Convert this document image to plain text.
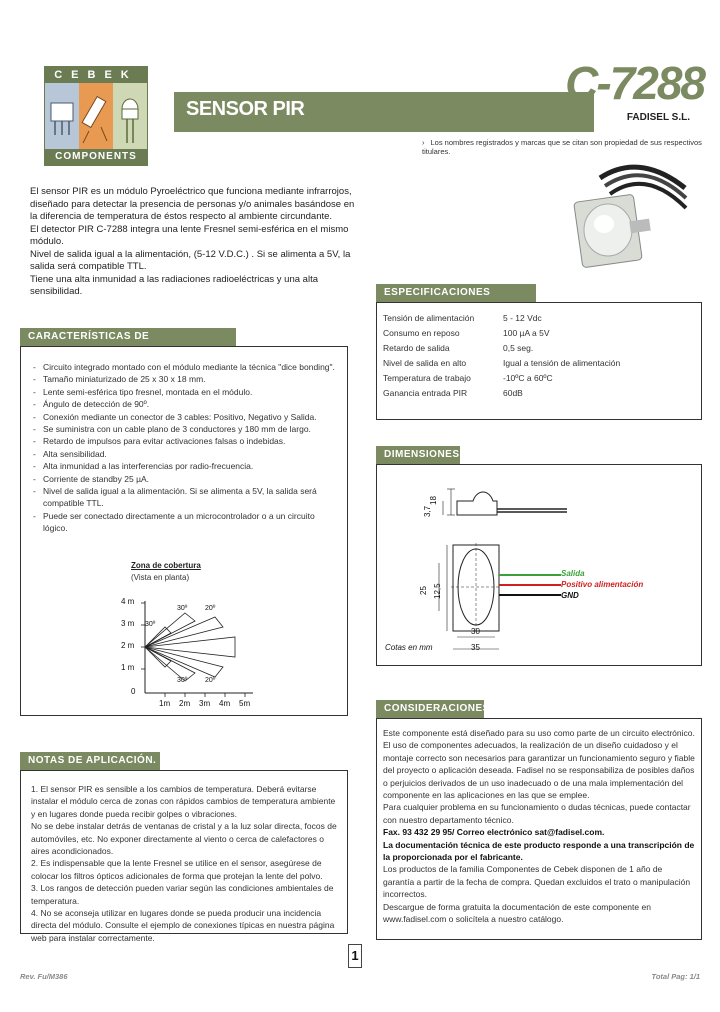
CEBEK
COMPONENTS
SENSOR PIR	C-7288
FADISEL S.L.
› Los nombres registrados y marcas que se citan son propiedad de sus respectivos titulares.

El sensor PIR es un módulo Pyroeléctrico que funciona mediante infrarrojos, diseñado para detectar la presencia de personas y/o animales basándose en la diferencia de temperatura de éstos respecto al ambiente circundante.

El detector PIR C-7288 integra una lente Fresnel semi-esférica en el mismo módulo.

Nivel de salida igual a la alimentación, (5-12 V.D.C.) . Si se alimenta a 5V, la salida será compatible TTL.

Tiene una alta inmunidad a las radiaciones radioeléctricas y una alta sensibilidad.

CARACTERÍSTICAS DE FUNCIONAMIENTO.
- Circuito integrado montado con el módulo mediante la técnica "dice bonding".
- Tamaño miniaturizado de 25 x 30 x 18 mm.
- Lente semi-esférica tipo fresnel, montada en el módulo.
- Ángulo de detección de 90º.
- Conexión mediante un conector de 3 cables: Positivo, Negativo y Salida.
- Se suministra con un cable plano de 3 conductores y 180 mm de largo.
- Retardo de impulsos para evitar activaciones falsas o indebidas.
- Alta sensibilidad.
- Alta inmunidad a las interferencias por radio-frecuencia.
- Corriente de standby 25 µA.
- Nivel de salida igual a la alimentación. Si se alimenta a 5V, la salida será compatible TTL.
- Puede ser conectado directamente a un microcontrolador o a un circuito lógico.
Zona de cobertura
(Vista en planta)
4 m
3 m
2 m
1 m
0
1m 2m 3m 4m 5m
30º	20º
30º
30º	20º
NOTAS DE APLICACIÓN.

1. El sensor PIR es sensible a los cambios de temperatura. Deberá evitarse instalar el módulo cerca de zonas con rápidos cambios de temperatura ambiente y en lugares donde pueda recibir golpes o vibraciones.

No se debe instalar detrás de ventanas de cristal y a la luz solar directa, focos de automóviles, etc. No exponer directamente al viento o cerca de calefactores o aires acondicionados.

2. Es indispensable que la lente Fresnel se utilice en el sensor, asegúrese de colocar los filtros ópticos adicionales de forma que protejan la lente del polvo.

3. Los rangos de detección pueden variar según las condiciones ambientales de temperatura.

4. No se aconseja utilizar en lugares donde se pueda producir una incidencia directa del módulo. Consulte el ejemplo de conexiones típicas en nuestra página web para instalar correctamente.

ESPECIFICACIONES TÉCNICAS.
Tensión de alimentación	5 - 12 Vdc
Consumo en reposo	100 µA a 5V
Retardo de salida	0,5 seg.
Nivel de salida en alto	Igual a tensión de alimentación
Temperatura de trabajo	-10ºC a 60ºC
Ganancia entrada PIR	60dB
DIMENSIONES.
18
3,7
25 12,5
30
35
Cotas en mm
Salida
Positivo alimentación
GND
CONSIDERACIONES.

Este componente está diseñado para su uso como parte de un circuito electrónico. El uso de componentes adecuados, la realización de un diseño cuidadoso y el montaje correcto son necesarios para garantizar un funcionamiento seguro y fiable del proyecto o aplicación deseada. Fadisel no se responsabiliza de posibles daños o perjuicios derivados de un uso inadecuado o de una mala implementación del componente en las aplicaciones en las que se emplee.

Para cualquier problema en su funcionamiento o dudas técnicas, puede contactar con nuestro departamento técnico.

Fax. 93 432 29 95/ Correo electrónico sat@fadisel.com.

La documentación técnica de este producto responde a una transcripción de la proporcionada por el fabricante.

Los productos de la familia Componentes de Cebek disponen de 1 año de garantía a partir de la fecha de compra. Quedan excluidos el trato o manipulación incorrectos.

Descargue de forma gratuita la documentación de este componente en www.fadisel.com o solicítela a nuestro catálogo.

1
Rev. Fu/M386	Total Pag: 1/1
